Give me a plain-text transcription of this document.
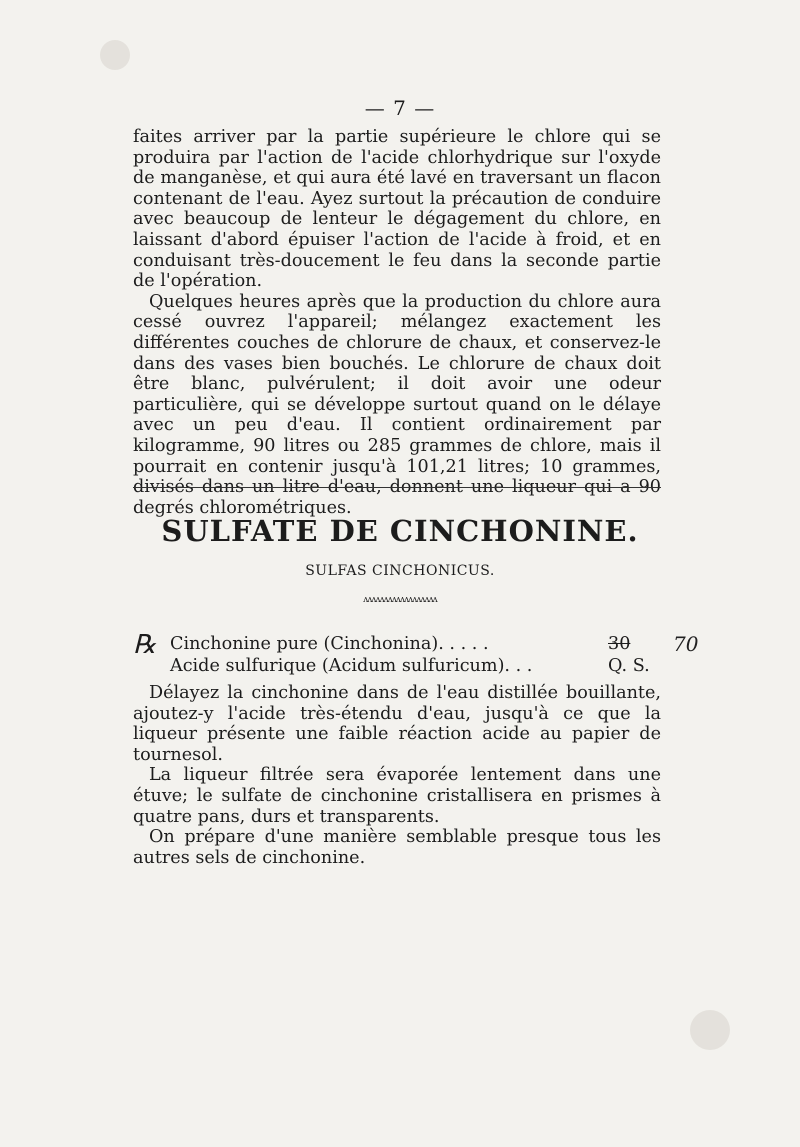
— 7 —

faites arriver par la partie supérieure le chlore qui se produira par l'action de l'acide chlorhydrique sur l'oxyde de manganèse, et qui aura été lavé en traversant un flacon contenant de l'eau. Ayez surtout la précaution de conduire avec beaucoup de lenteur le dégagement du chlore, en laissant d'abord épuiser l'action de l'acide à froid, et en conduisant très-doucement le feu dans la seconde partie de l'opération.

Quelques heures après que la production du chlore aura cessé ouvrez l'appareil; mélangez exactement les différentes couches de chlorure de chaux, et conservez-le dans des vases bien bouchés. Le chlorure de chaux doit être blanc, pulvérulent; il doit avoir une odeur particulière, qui se développe surtout quand on le délaye avec un peu d'eau. Il contient ordinairement par kilogramme, 90 litres ou 285 grammes de chlore, mais il pourrait en contenir jusqu'à 101,21 litres; 10 grammes, divisés dans un litre d'eau, donnent une liqueur qui a 90 degrés chlorométriques.

SULFATE DE CINCHONINE.
SULFAS CINCHONICUS.
ʌʌʌʌʌʌʌʌʌʌʌʌʌʌʌʌʌʌ
℞ Cinchonine pure (Cinchonina). . . . .	30 70
Acide sulfurique (Acidum sulfuricum). . .	Q. S.

Délayez la cinchonine dans de l'eau distillée bouillante, ajoutez-y l'acide très-étendu d'eau, jusqu'à ce que la liqueur présente une faible réaction acide au papier de tournesol.

La liqueur filtrée sera évaporée lentement dans une étuve; le sulfate de cinchonine cristallisera en prismes à quatre pans, durs et transparents.

On prépare d'une manière semblable presque tous les autres sels de cinchonine.
